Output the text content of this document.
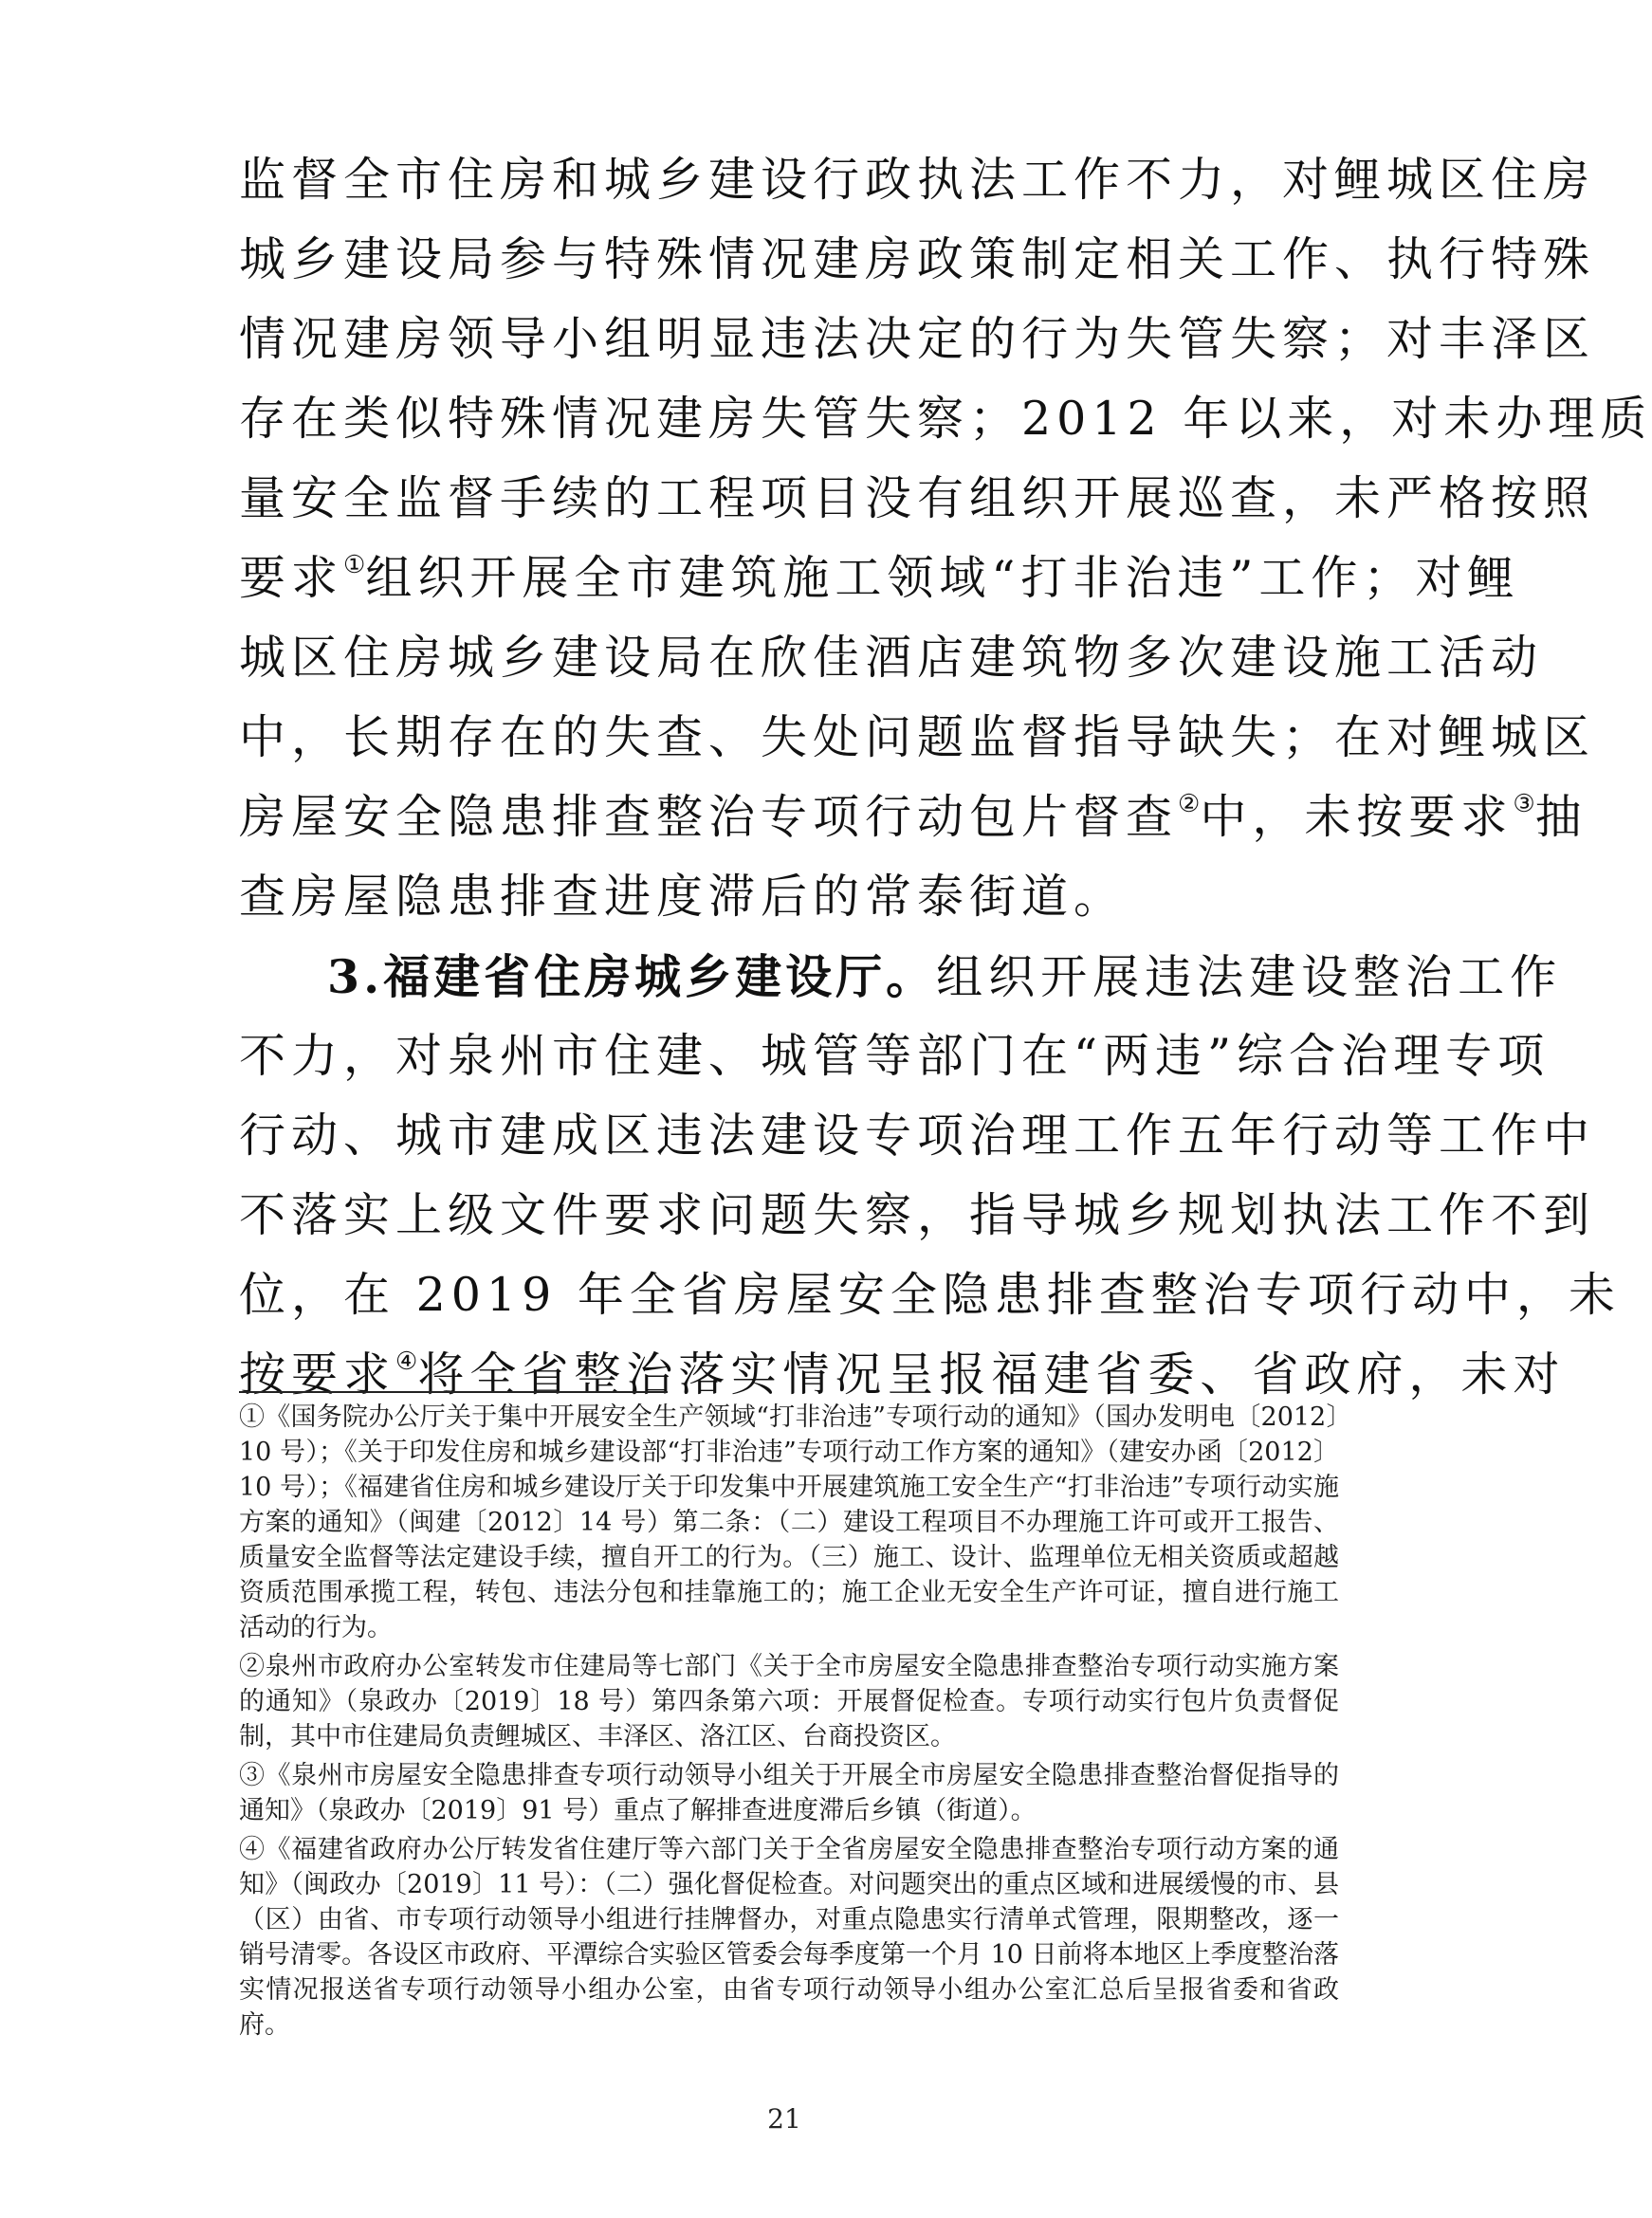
监督全市住房和城乡建设行政执法工作不力，对鲤城区住房
城乡建设局参与特殊情况建房政策制定相关工作、执行特殊
情况建房领导小组明显违法决定的行为失管失察；对丰泽区
存在类似特殊情况建房失管失察；2012 年以来，对未办理质
量安全监督手续的工程项目没有组织开展巡查，未严格按照
要求①组织开展全市建筑施工领域“打非治违”工作；对鲤
城区住房城乡建设局在欣佳酒店建筑物多次建设施工活动
中，长期存在的失查、失处问题监督指导缺失；在对鲤城区
房屋安全隐患排查整治专项行动包片督查②中，未按要求③抽
查房屋隐患排查进度滞后的常泰街道。
3.福建省住房城乡建设厅。组织开展违法建设整治工作
不力，对泉州市住建、城管等部门在“两违”综合治理专项
行动、城市建成区违法建设专项治理工作五年行动等工作中
不落实上级文件要求问题失察，指导城乡规划执法工作不到
位，在 2019 年全省房屋安全隐患排查整治专项行动中，未
按要求④将全省整治落实情况呈报福建省委、省政府，未对

①《国务院办公厅关于集中开展安全生产领域“打非治违”专项行动的通知》（国办发明电〔2012〕10 号）；《关于印发住房和城乡建设部“打非治违”专项行动工作方案的通知》（建安办函〔2012〕10 号）；《福建省住房和城乡建设厅关于印发集中开展建筑施工安全生产“打非治违”专项行动实施方案的通知》（闽建〔2012〕14 号）第二条：（二）建设工程项目不办理施工许可或开工报告、质量安全监督等法定建设手续，擅自开工的行为。（三）施工、设计、监理单位无相关资质或超越资质范围承揽工程，转包、违法分包和挂靠施工的；施工企业无安全生产许可证，擅自进行施工活动的行为。

②泉州市政府办公室转发市住建局等七部门《关于全市房屋安全隐患排查整治专项行动实施方案的通知》（泉政办〔2019〕18 号）第四条第六项：开展督促检查。专项行动实行包片负责督促制，其中市住建局负责鲤城区、丰泽区、洛江区、台商投资区。

③《泉州市房屋安全隐患排查专项行动领导小组关于开展全市房屋安全隐患排查整治督促指导的通知》（泉政办〔2019〕91 号）重点了解排查进度滞后乡镇（街道）。

④《福建省政府办公厅转发省住建厅等六部门关于全省房屋安全隐患排查整治专项行动方案的通知》（闽政办〔2019〕11 号）：（二）强化督促检查。对问题突出的重点区域和进展缓慢的市、县（区）由省、市专项行动领导小组进行挂牌督办，对重点隐患实行清单式管理，限期整改，逐一销号清零。各设区市政府、平潭综合实验区管委会每季度第一个月 10 日前将本地区上季度整治落实情况报送省专项行动领导小组办公室，由省专项行动领导小组办公室汇总后呈报省委和省政府。

21
